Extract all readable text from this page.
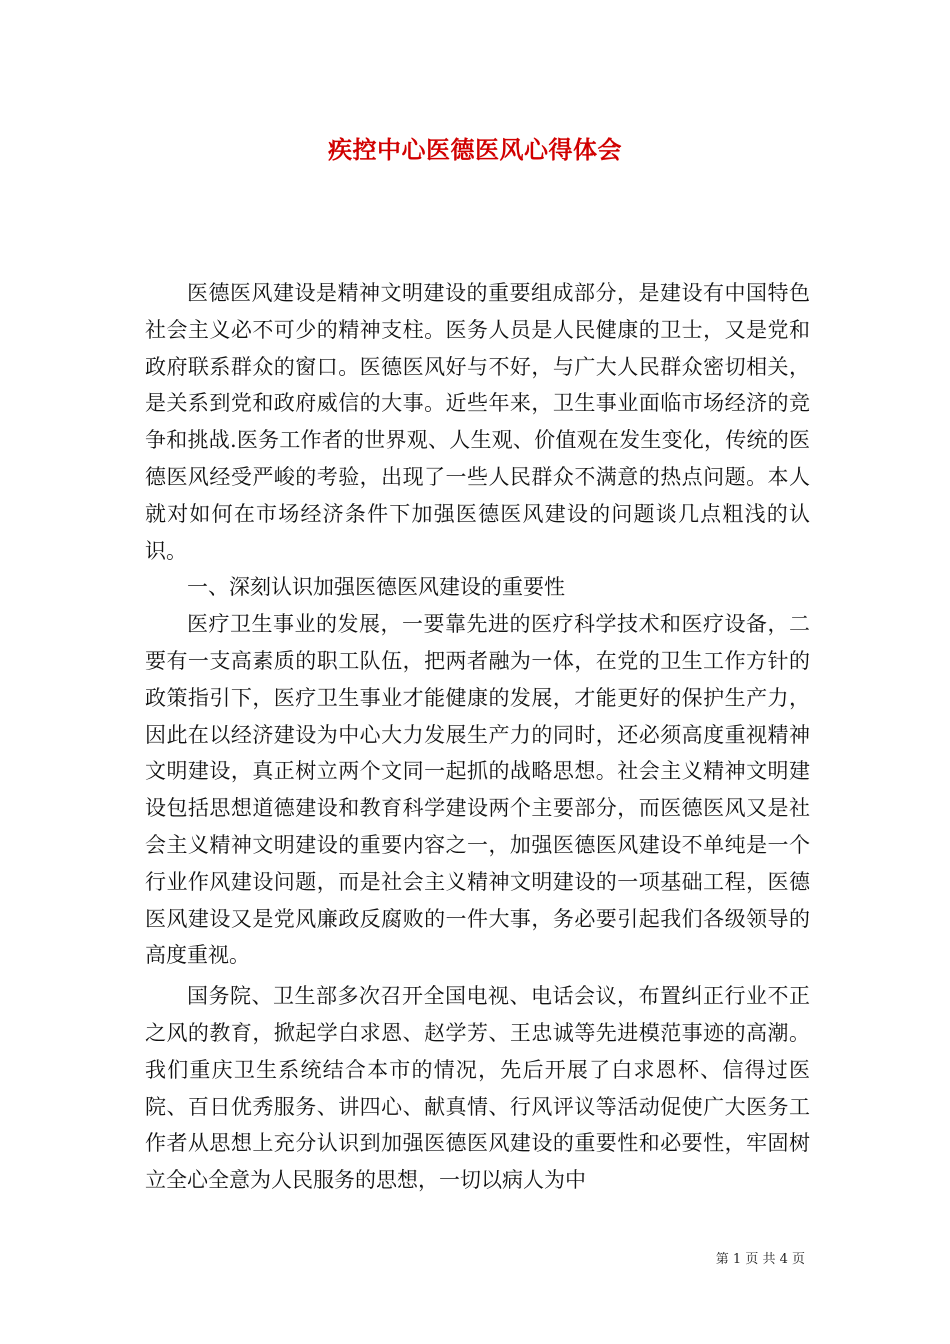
疾控中心医德医风心得体会

医德医风建设是精神文明建设的重要组成部分，是建设有中国特色社会主义必不可少的精神支柱。医务人员是人民健康的卫士，又是党和政府联系群众的窗口。医德医风好与不好，与广大人民群众密切相关，是关系到党和政府威信的大事。近些年来，卫生事业面临市场经济的竞争和挑战.医务工作者的世界观、人生观、价值观在发生变化，传统的医德医风经受严峻的考验，出现了一些人民群众不满意的热点问题。本人就对如何在市场经济条件下加强医德医风建设的问题谈几点粗浅的认识。

一、深刻认识加强医德医风建设的重要性

医疗卫生事业的发展，一要靠先进的医疗科学技术和医疗设备，二要有一支高素质的职工队伍，把两者融为一体，在党的卫生工作方针的政策指引下，医疗卫生事业才能健康的发展，才能更好的保护生产力，因此在以经济建设为中心大力发展生产力的同时，还必须高度重视精神文明建设，真正树立两个文同一起抓的战略思想。社会主义精神文明建设包括思想道德建设和教育科学建设两个主要部分，而医德医风又是社会主义精神文明建设的重要内容之一，加强医德医风建设不单纯是一个行业作风建设问题，而是社会主义精神文明建设的一项基础工程，医德医风建设又是党风廉政反腐败的一件大事，务必要引起我们各级领导的高度重视。

国务院、卫生部多次召开全国电视、电话会议，布置纠正行业不正之风的教育，掀起学白求恩、赵学芳、王忠诚等先进模范事迹的高潮。我们重庆卫生系统结合本市的情况，先后开展了白求恩杯、信得过医院、百日优秀服务、讲四心、献真情、行风评议等活动促使广大医务工作者从思想上充分认识到加强医德医风建设的重要性和必要性，牢固树立全心全意为人民服务的思想，一切以病人为中

第 1 页 共 4 页
